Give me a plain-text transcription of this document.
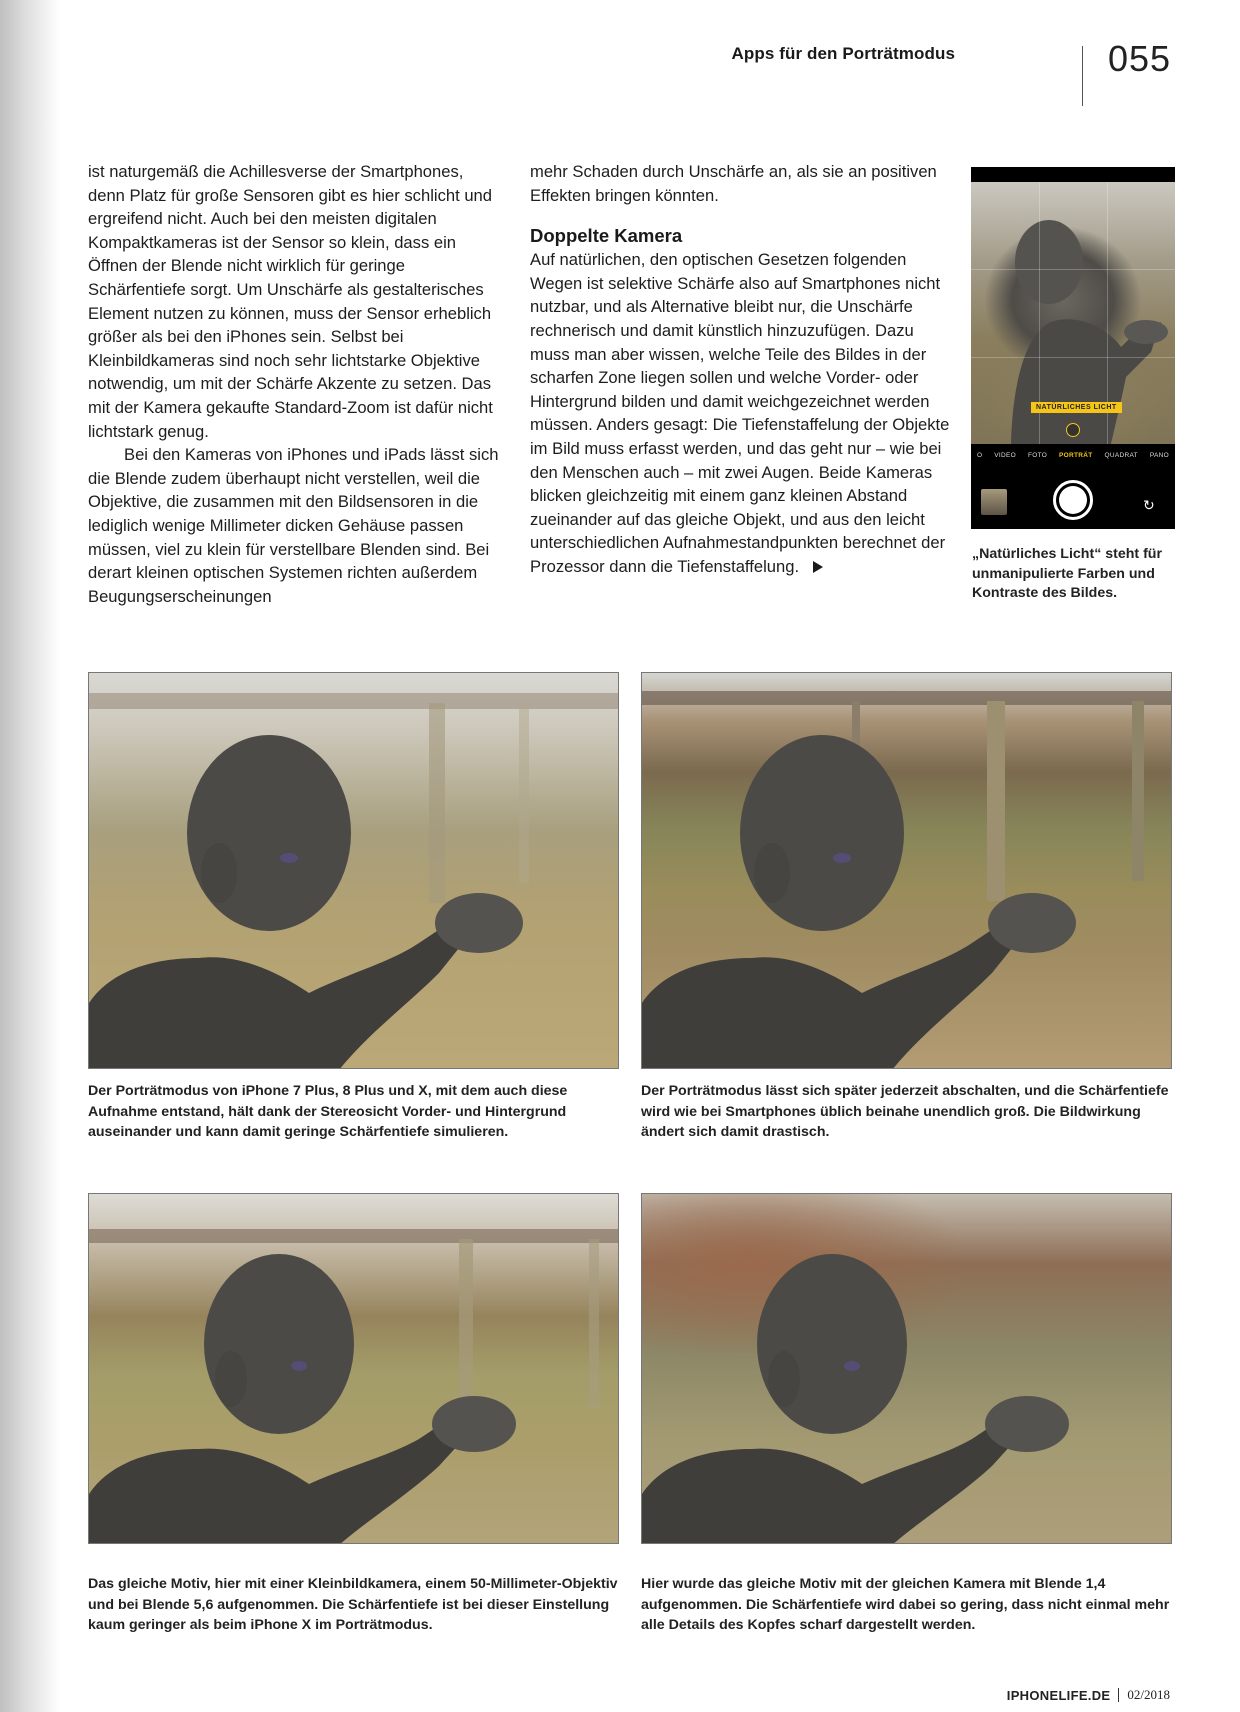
Apps für den Porträtmodus	055

ist naturgemäß die Achillesverse der Smartphones, denn Platz für große Sensoren gibt es hier schlicht und ergreifend nicht. Auch bei den meisten digitalen Kompaktkameras ist der Sensor so klein, dass ein Öffnen der Blende nicht wirklich für geringe Schärfentiefe sorgt. Um Unschärfe als gestalterisches Element nutzen zu können, muss der Sensor erheblich größer als bei den iPhones sein. Selbst bei Kleinbildkameras sind noch sehr lichtstarke Objektive notwendig, um mit der Schärfe Akzente zu setzen. Das mit der Kamera gekaufte Standard-Zoom ist dafür nicht lichtstark genug.

Bei den Kameras von iPhones und iPads lässt sich die Blende zudem überhaupt nicht verstellen, weil die Objektive, die zusammen mit den Bildsensoren in die lediglich wenige Millimeter dicken Gehäuse passen müssen, viel zu klein für verstellbare Blenden sind. Bei derart kleinen optischen Systemen richten außerdem Beugungserscheinungen

mehr Schaden durch Unschärfe an, als sie an positiven Effekten bringen könnten.

Doppelte Kamera

Auf natürlichen, den optischen Gesetzen folgenden Wegen ist selektive Schärfe also auf Smartphones nicht nutzbar, und als Alternative bleibt nur, die Unschärfe rechnerisch und damit künstlich hinzuzufügen. Dazu muss man aber wissen, welche Teile des Bildes in der scharfen Zone liegen sollen und welche Vorder- oder Hintergrund bilden und damit weichgezeichnet werden müssen. Anders gesagt: Die Tiefenstaffelung der Objekte im Bild muss erfasst werden, und das geht nur – wie bei den Menschen auch – mit zwei Augen. Beide Kameras blicken gleichzeitig mit einem ganz kleinen Abstand zueinander auf das gleiche Objekt, und aus den leicht unterschiedlichen Aufnahmestandpunkten berechnet der Prozessor dann die Tiefenstaffelung.

NATÜRLICHES LICHT
O VIDEO FOTO PORTRÄT QUADRAT PANO
↻
„Natürliches Licht“ steht für unmanipulierte Farben und Kontraste des Bildes.
Der Porträtmodus von iPhone 7 Plus, 8 Plus und X, mit dem auch diese Aufnahme entstand, hält dank der Stereosicht Vorder- und Hintergrund auseinander und kann damit geringe Schärfentiefe simulieren.
Der Porträtmodus lässt sich später jederzeit abschalten, und die Schärfentiefe wird wie bei Smartphones üblich beinahe unendlich groß. Die Bildwirkung ändert sich damit drastisch.
Das gleiche Motiv, hier mit einer Kleinbildkamera, einem 50-Millimeter-Objektiv und bei Blende 5,6 aufgenommen. Die Schärfentiefe ist bei dieser Einstellung kaum geringer als beim iPhone X im Porträtmodus.
Hier wurde das gleiche Motiv mit der gleichen Kamera mit Blende 1,4 aufgenommen. Die Schärfentiefe wird dabei so gering, dass nicht einmal mehr alle Details des Kopfes scharf dargestellt werden.
IPHONELIFE.DE 02/2018
